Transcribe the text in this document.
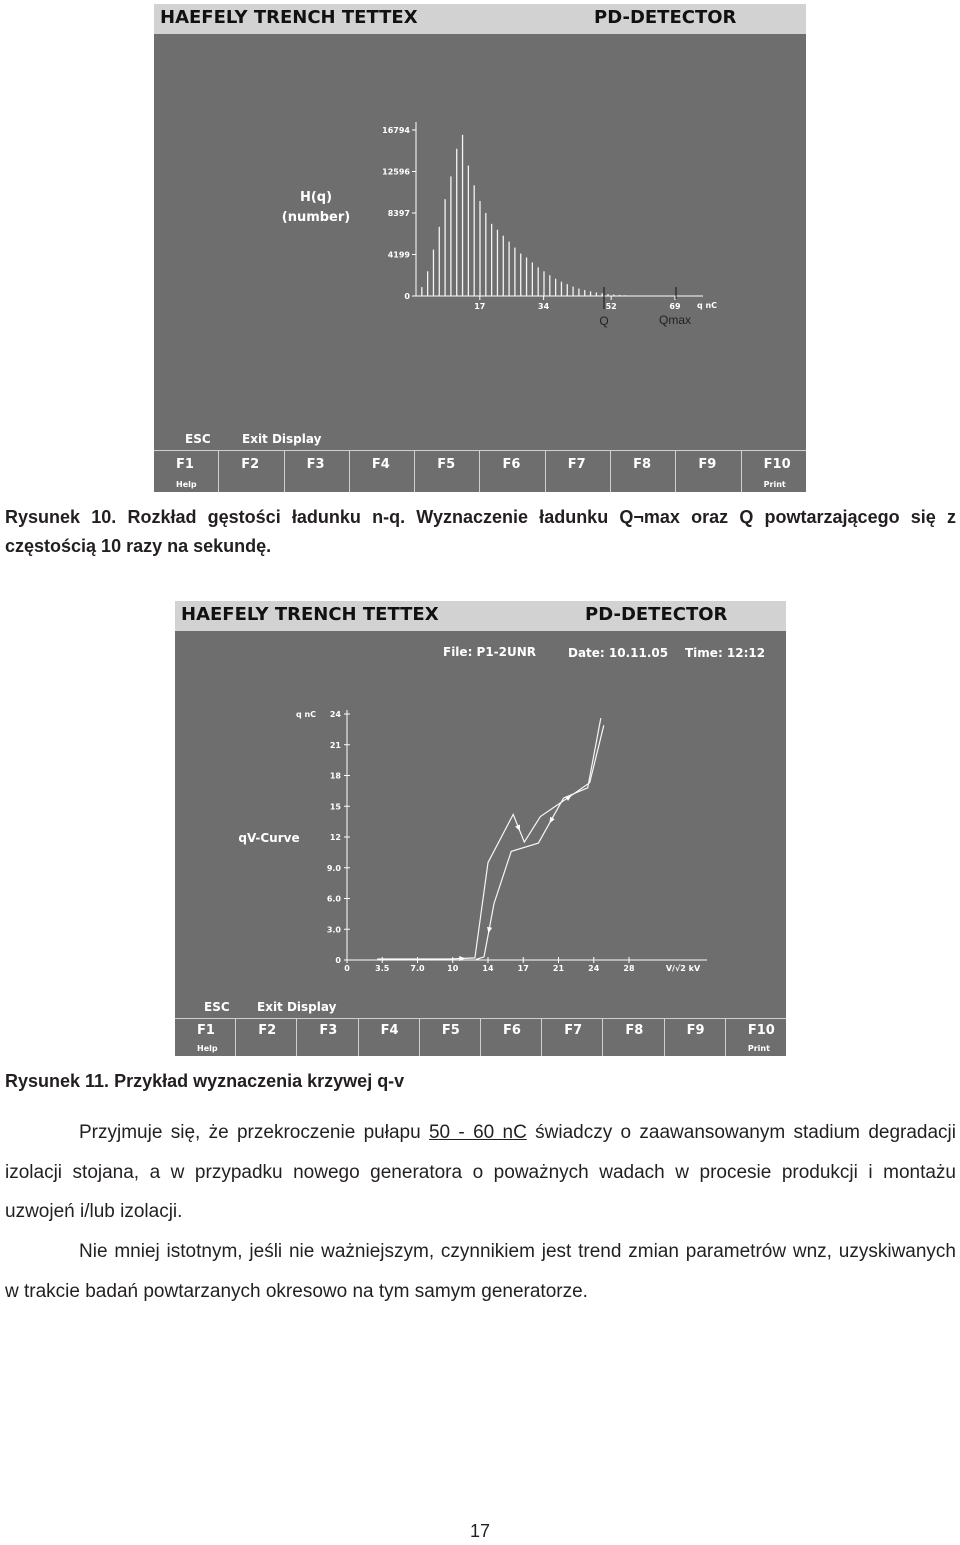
HAEFELY TRENCH TETTEX	PD-DETECTOR
16794
12596
8397
4199
0
17	34	52	69
H(q)
(number)
q nC
Q	Qmax
ESC	Exit Display
F1
Help
F2	F3	F4	F5	F6	F7	F8	F9	F10
Print
Rysunek 10. Rozkład gęstości ładunku n-q. Wyznaczenie ładunku Q¬max oraz Q powtarzającego się z częstością 10 razy na sekundę.
HAEFELY TRENCH TETTEX	PD-DETECTOR
File: P1-2UNR	Date: 10.11.05 Time: 12:12
24
21
18
15
12
9.0
6.0
3.0
0
0	3.5	7.0	10	14	17	21	24	28
qV-Curve
q nC
V/√2 kV
ESC Exit Display
F1
Help
F2	F3	F4	F5	F6	F7	F8	F9	F10
Print
Rysunek 11. Przykład wyznaczenia krzywej q-v
Przyjmuje się, że przekroczenie pułapu 50 - 60 nC świadczy o zaawansowanym stadium degradacji izolacji stojana, a w przypadku nowego generatora o poważnych wadach w procesie produkcji i montażu uzwojeń i/lub izolacji.
Nie mniej istotnym, jeśli nie ważniejszym, czynnikiem jest trend zmian parametrów wnz, uzyskiwanych w trakcie badań powtarzanych okresowo na tym samym generatorze.
17
